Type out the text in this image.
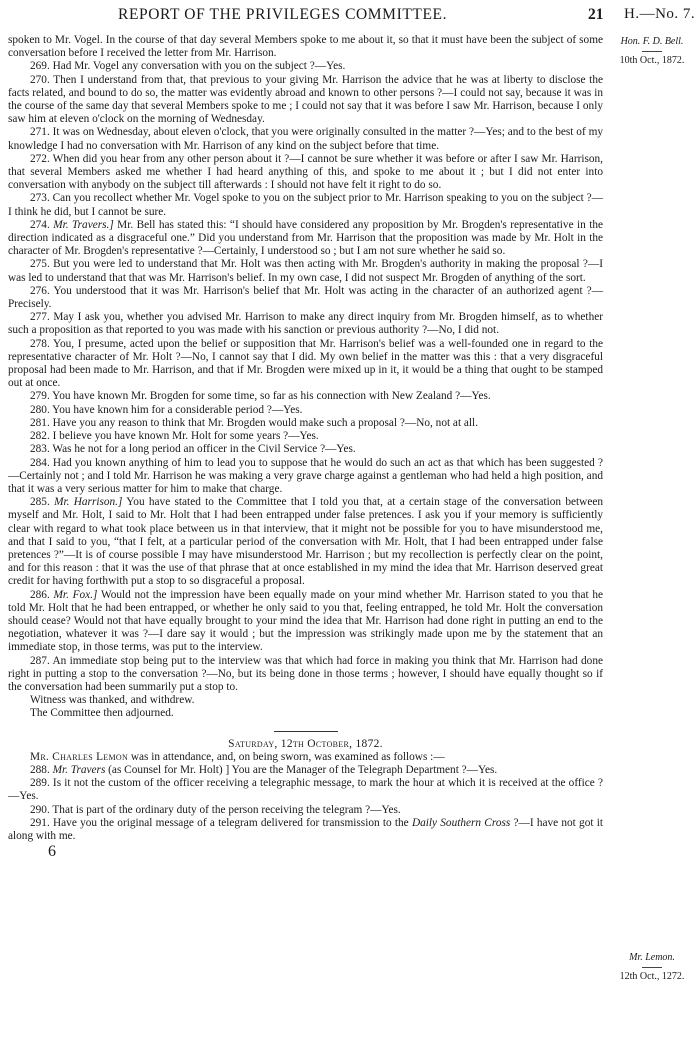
REPORT OF THE PRIVILEGES COMMITTEE.	21 H.—No. 7.
Hon. F. D. Bell.
10th Oct., 1872.
Mr. Lemon.
12th Oct., 1272.

spoken to Mr. Vogel. In the course of that day several Members spoke to me about it, so that it must have been the subject of some conversation before I received the letter from Mr. Harrison.

269. Had Mr. Vogel any conversation with you on the subject ?—Yes.

270. Then I understand from that, that previous to your giving Mr. Harrison the advice that he was at liberty to disclose the facts related, and bound to do so, the matter was evidently abroad and known to other persons ?—I could not say, because it was in the course of the same day that several Members spoke to me ; I could not say that it was before I saw Mr. Harrison, because I only saw him at eleven o'clock on the morning of Wednesday.

271. It was on Wednesday, about eleven o'clock, that you were originally consulted in the matter ?—Yes; and to the best of my knowledge I had no conversation with Mr. Harrison of any kind on the subject before that time.

272. When did you hear from any other person about it ?—I cannot be sure whether it was before or after I saw Mr. Harrison, that several Members asked me whether I had heard anything of this, and spoke to me about it ; but I did not enter into conversation with anybody on the subject till afterwards : I should not have felt it right to do so.

273. Can you recollect whether Mr. Vogel spoke to you on the subject prior to Mr. Harrison speaking to you on the subject ?—I think he did, but I cannot be sure.

274. Mr. Travers.] Mr. Bell has stated this: “I should have considered any proposition by Mr. Brogden's representative in the direction indicated as a disgraceful one.” Did you understand from Mr. Harrison that the proposition was made by Mr. Holt in the character of Mr. Brogden's representative ?—Certainly, I understood so ; but I am not sure whether he said so.

275. But you were led to understand that Mr. Holt was then acting with Mr. Brogden's authority in making the proposal ?—I was led to understand that that was Mr. Harrison's belief. In my own case, I did not suspect Mr. Brogden of anything of the sort.

276. You understood that it was Mr. Harrison's belief that Mr. Holt was acting in the character of an authorized agent ?—Precisely.

277. May I ask you, whether you advised Mr. Harrison to make any direct inquiry from Mr. Brogden himself, as to whether such a proposition as that reported to you was made with his sanction or previous authority ?—No, I did not.

278. You, I presume, acted upon the belief or supposition that Mr. Harrison's belief was a well-founded one in regard to the representative character of Mr. Holt ?—No, I cannot say that I did. My own belief in the matter was this : that a very disgraceful proposal had been made to Mr. Harrison, and that if Mr. Brogden were mixed up in it, it would be a thing that ought to be stamped out at once.

279. You have known Mr. Brogden for some time, so far as his connection with New Zealand ?—Yes.

280. You have known him for a considerable period ?—Yes.

281. Have you any reason to think that Mr. Brogden would make such a proposal ?—No, not at all.

282. I believe you have known Mr. Holt for some years ?—Yes.

283. Was he not for a long period an officer in the Civil Service ?—Yes.

284. Had you known anything of him to lead you to suppose that he would do such an act as that which has been suggested ?—Certainly not ; and I told Mr. Harrison he was making a very grave charge against a gentleman who had held a high position, and that it was a very serious matter for him to make that charge.

285. Mr. Harrison.] You have stated to the Committee that I told you that, at a certain stage of the conversation between myself and Mr. Holt, I said to Mr. Holt that I had been entrapped under false pretences. I ask you if your memory is sufficiently clear with regard to what took place between us in that interview, that it might not be possible for you to have misunderstood me, and that I said to you, “that I felt, at a particular period of the conversation with Mr. Holt, that I had been entrapped under false pretences ?”—It is of course possible I may have misunderstood Mr. Harrison ; but my recollection is perfectly clear on the point, and for this reason : that it was the use of that phrase that at once established in my mind the idea that Mr. Harrison deserved great credit for having forthwith put a stop to so disgraceful a proposal.

286. Mr. Fox.] Would not the impression have been equally made on your mind whether Mr. Harrison stated to you that he told Mr. Holt that he had been entrapped, or whether he only said to you that, feeling entrapped, he told Mr. Holt the conversation should cease? Would not that have equally brought to your mind the idea that Mr. Harrison had done right in putting an end to the negotiation, whatever it was ?—I dare say it would ; but the impression was strikingly made upon me by the statement that an immediate stop, in those terms, was put to the interview.

287. An immediate stop being put to the interview was that which had force in making you think that Mr. Harrison had done right in putting a stop to the conversation ?—No, but its being done in those terms ; however, I should have equally thought so if the conversation had been summarily put a stop to.

Witness was thanked, and withdrew.

The Committee then adjourned.

Saturday, 12th October, 1872.

Mr. Charles Lemon was in attendance, and, on being sworn, was examined as follows :—

288. Mr. Travers (as Counsel for Mr. Holt) ] You are the Manager of the Telegraph Department ?—Yes.

289. Is it not the custom of the officer receiving a telegraphic message, to mark the hour at which it is received at the office ?—Yes.

290. That is part of the ordinary duty of the person receiving the telegram ?—Yes.

291. Have you the original message of a telegram delivered for transmission to the Daily Southern Cross ?—I have not got it along with me.

6
